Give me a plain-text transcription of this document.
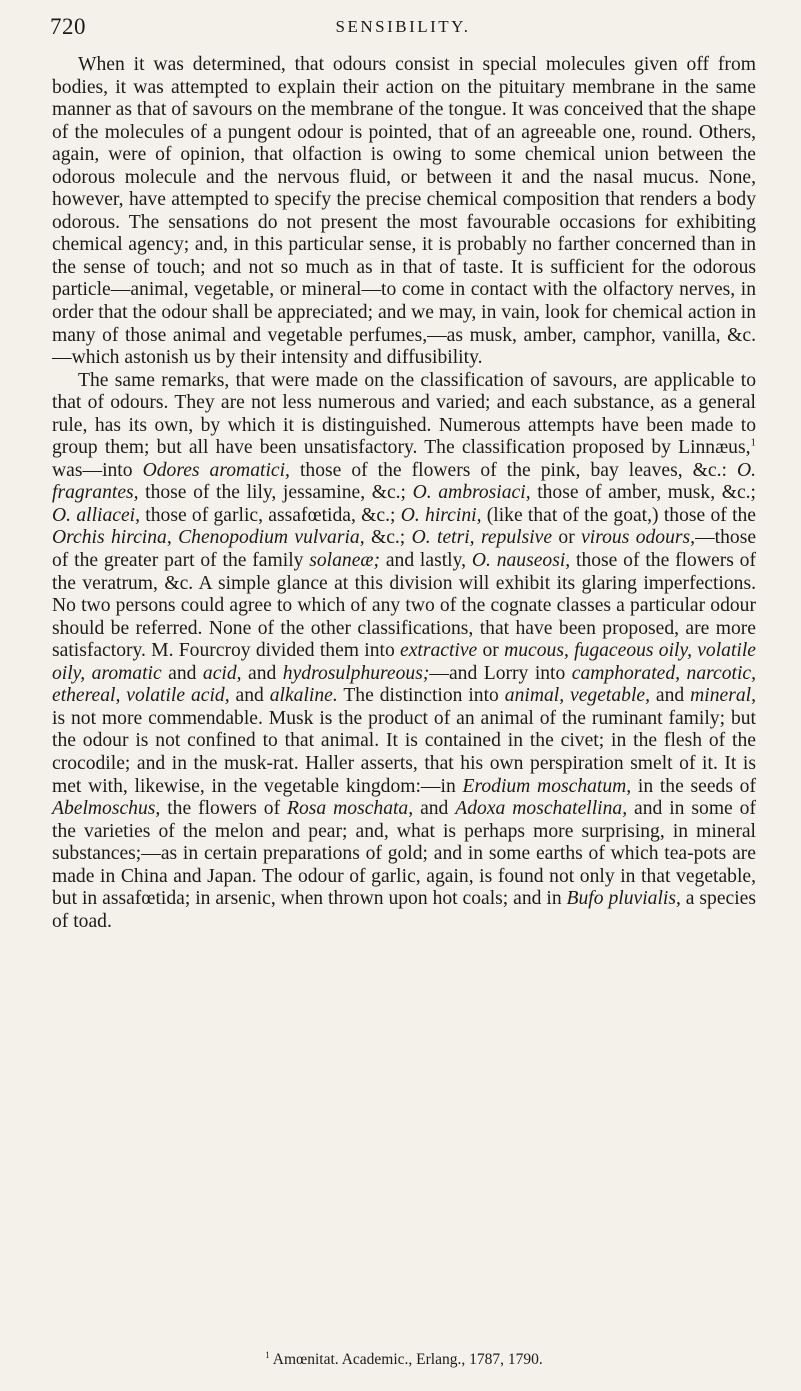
720	SENSIBILITY.

When it was determined, that odours consist in special molecules given off from bodies, it was attempted to explain their action on the pituitary membrane in the same manner as that of savours on the membrane of the tongue. It was conceived that the shape of the molecules of a pungent odour is pointed, that of an agreeable one, round. Others, again, were of opinion, that olfaction is owing to some chemical union between the odorous molecule and the nervous fluid, or between it and the nasal mucus. None, however, have attempted to specify the precise chemical composition that renders a body odorous. The sensations do not present the most favourable occasions for exhibiting chemical agency; and, in this particular sense, it is probably no farther concerned than in the sense of touch; and not so much as in that of taste. It is sufficient for the odorous particle—animal, vegetable, or mineral—to come in contact with the olfactory nerves, in order that the odour shall be appreciated; and we may, in vain, look for chemical action in many of those animal and vegetable perfumes,—as musk, amber, camphor, vanilla, &c.—which astonish us by their intensity and diffusibility.

The same remarks, that were made on the classification of savours, are applicable to that of odours. They are not less numerous and varied; and each substance, as a general rule, has its own, by which it is distinguished. Numerous attempts have been made to group them; but all have been unsatisfactory. The classification proposed by Linnæus,$^1$ was—into Odores aromatici, those of the flowers of the pink, bay leaves, &c.: O. fragrantes, those of the lily, jessamine, &c.; O. ambrosiaci, those of amber, musk, &c.; O. alliacei, those of garlic, assafœtida, &c.; O. hircini, (like that of the goat,) those of the Orchis hircina, Chenopodium vulvaria, &c.; O. tetri, repulsive or virous odours,—those of the greater part of the family solaneæ; and lastly, O. nauseosi, those of the flowers of the veratrum, &c. A simple glance at this division will exhibit its glaring imperfections. No two persons could agree to which of any two of the cognate classes a particular odour should be referred. None of the other classifications, that have been proposed, are more satisfactory. M. Fourcroy divided them into extractive or mucous, fugaceous oily, volatile oily, aromatic and acid, and hydrosulphureous;—and Lorry into camphorated, narcotic, ethereal, volatile acid, and alkaline. The distinction into animal, vegetable, and mineral, is not more commendable. Musk is the product of an animal of the ruminant family; but the odour is not confined to that animal. It is contained in the civet; in the flesh of the crocodile; and in the musk-rat. Haller asserts, that his own perspiration smelt of it. It is met with, likewise, in the vegetable kingdom:—in Erodium moschatum, in the seeds of Abelmoschus, the flowers of Rosa moschata, and Adoxa moschatellina, and in some of the varieties of the melon and pear; and, what is perhaps more surprising, in mineral substances;—as in certain preparations of gold; and in some earths of which tea-pots are made in China and Japan. The odour of garlic, again, is found not only in that vegetable, but in assafœtida; in arsenic, when thrown upon hot coals; and in Bufo pluvialis, a species of toad.

$^1$ Amœnitat. Academic., Erlang., 1787, 1790.
